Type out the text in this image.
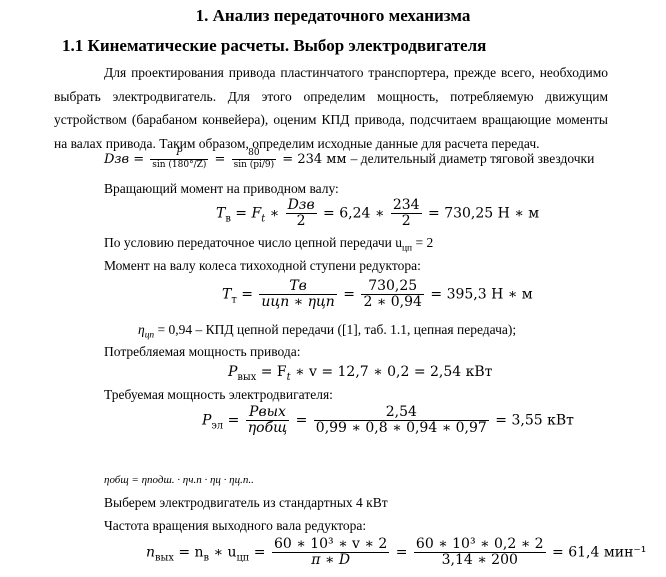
1. Анализ передаточного механизма
1.1 Кинематические расчеты. Выбор электродвигателя
Для проектирования привода пластинчатого транспортера, прежде всего, необходимо выбрать электродвигатель. Для этого определим мощность, потребляемую движущим устройством (барабаном конвейера), оценим КПД привода, подсчитаем вращающие моменты на валах привода. Таким образом, определим исходные данные для расчета передач.
Dзв = $\frac{P}{\sin (180^\circ/Z)} = \frac{80}{\sin (pi/9)} = 234$ мм – делительный диаметр тяговой звездочки
Вращающий момент на приводном валу:
$T_в = F_t$ ∗ $\frac{\text{Dзв}}{2} = 6,24$ ∗ $\frac{234}{2} = 730,25$ Н ∗ м
По условию передаточное число цепной передачи $u_{цп} = 2$
Момент на валу колеса тихоходной ступени редуктора:
$T_т = \frac{Tв}{\text{uцп ∗ ηцп}} = \frac{730,25}{2 ∗ 0,94} = 395,3$ Н ∗ м
$\eta_{цп} = 0,94$ – КПД цепной передачи ([1], таб. 1.1, цепная передача);
Потребляемая мощность привода:
$P_{вых} = F_t$ ∗ v = 12,7 ∗ 0,2 = 2,54 кВт
Требуемая мощность электродвигателя:
$P_{эл} = \frac{\text{Pвых}}{\text{ηобщ}} = \frac{2,54}{0,99 ∗ 0,8 ∗ 0,94 ∗ 0,97} = 3,55$ кВт
ηобщ = ηподш. · ηч.п · ηц · ηц.п..
Выберем электродвигатель из стандартных 4 кВт
Частота вращения выходного вала редуктора:
$n_{вых} = n_в$ ∗ $u_{цп} = \frac{\text{60 ∗ 10³ ∗ v ∗ 2}}{\pi ∗ D} = \frac{\text{60 ∗ 10³ ∗ 0,2 ∗ 2}}{3,14 ∗ 200} = 61,4$ мин⁻¹
